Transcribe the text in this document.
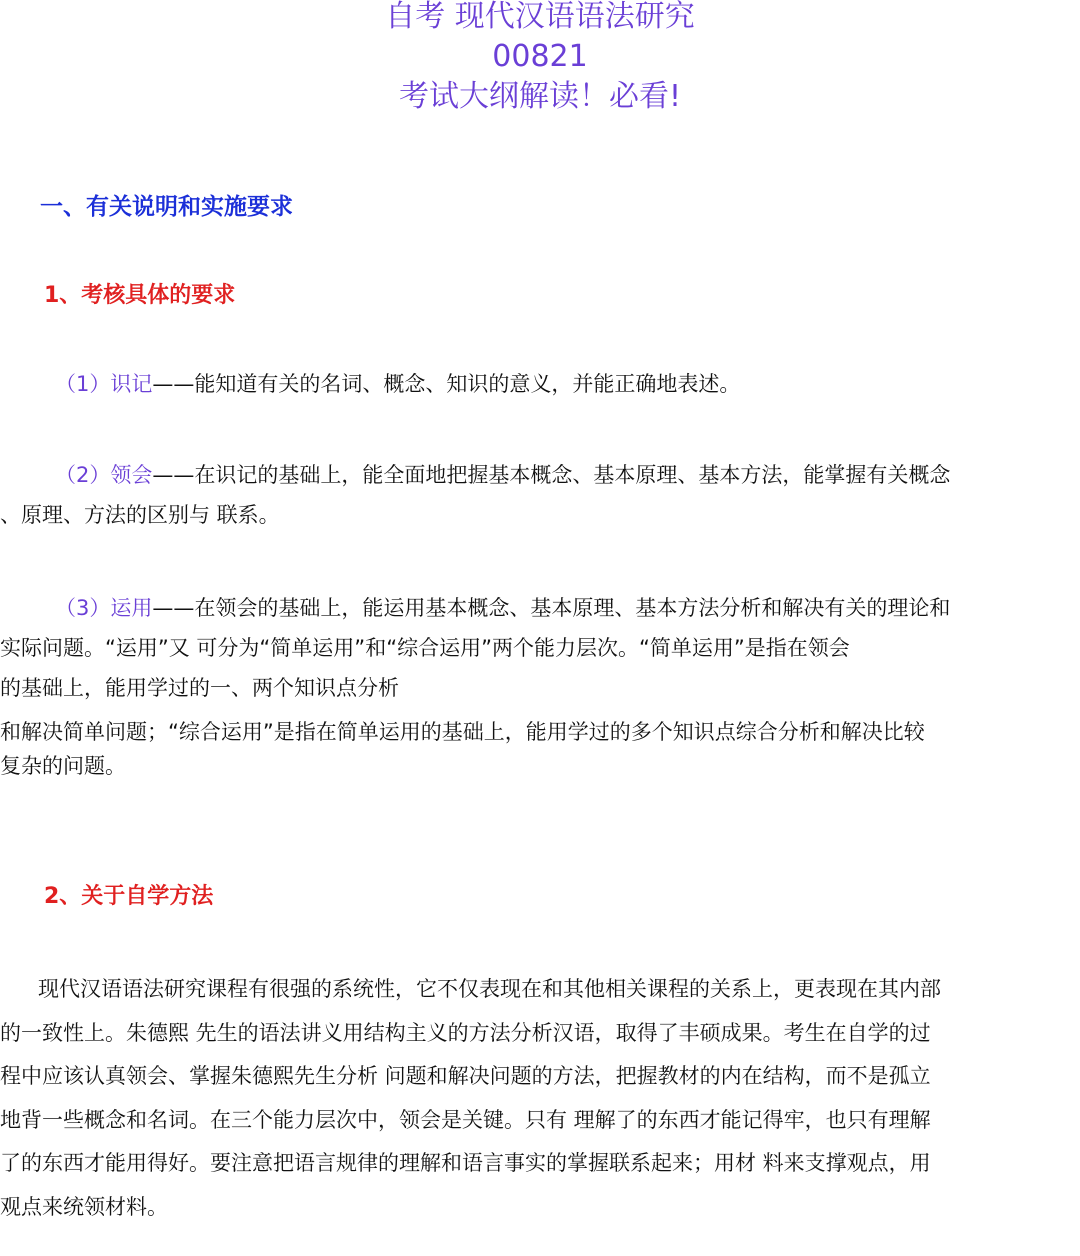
自考 现代汉语语法研究
00821
考试大纲解读！必看!
一、有关说明和实施要求
1、考核具体的要求
（1）识记——能知道有关的名词、概念、知识的意义，并能正确地表述。
（2）领会——在识记的基础上，能全面地把握基本概念、基本原理、基本方法，能掌握有关概念
、原理、方法的区别与 联系。
（3）运用——在领会的基础上，能运用基本概念、基本原理、基本方法分析和解决有关的理论和
实际问题。“运用”又 可分为“简单运用”和“综合运用”两个能力层次。“简单运用”是指在领会
的基础上，能用学过的一、两个知识点分析
和解决简单问题；“综合运用”是指在简单运用的基础上，能用学过的多个知识点综合分析和解决比较
复杂的问题。
2、关于自学方法
现代汉语语法研究课程有很强的系统性，它不仅表现在和其他相关课程的关系上，更表现在其内部
的一致性上。朱德熙 先生的语法讲义用结构主义的方法分析汉语，取得了丰硕成果。考生在自学的过
程中应该认真领会、掌握朱德熙先生分析 问题和解决问题的方法，把握教材的内在结构，而不是孤立
地背一些概念和名词。在三个能力层次中，领会是关键。只有 理解了的东西才能记得牢，也只有理解
了的东西才能用得好。要注意把语言规律的理解和语言事实的掌握联系起来；用材 料来支撑观点，用
观点来统领材料。
